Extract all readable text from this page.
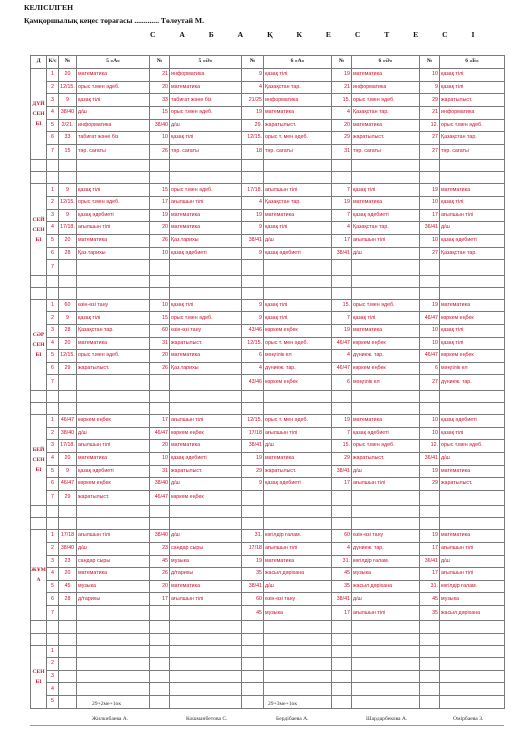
КЕЛІСІЛГЕН
Қамқоршылық кеңес төрағасы ............. Төлеутай М.
С А Б А Қ К Е С Т Е С І
Д	К/с	№	5 «А»	№	5 «Ә»	№	6 «А»	№	6 «Ә»	№	6 «Б»
ДҮЙСЕНБІ	1	20	математика	21	информатика	9	қазақ тілі	19	математика	10	қазақ тілі
	2	12/15.	орыс т.мен әдеб.	20	математика	4	Қазақстан тар.	21	информатика	9	қазақ тілі
	3	9	қазақ тілі	33	табиғат және біз	21/25	информатика	15.	орыс т.мен әдеб.	29	жаратылыст.
	4	38/40	д/ш	15	орыс т.мен әдеб.	19	математика	4	Қазақстан тар.	21	информатика
	5	2/21.	информатика	38/40	д/ш	29.	жаратылыст.	20	математика	12.	орыс т.мен әдеб.
	6	33	табиғат және біз	10	қазақ тілі	12/15.	орыс т. мен әдеб.	29	жаратылыст.	27	Қазақстан тар.
	7	15	тәр. сағаты	26	тәр. сағаты	18	тәр. сағаты	31	тәр. сағаты	27	тәр. сағаты

СЕЙСЕНБІ	1	9	қазақ тілі	15	орыс т.мен әдеб.	17/18.	ағылшын тілі	7	қазақ тілі	19	математика
	2	12/15.	орыс т.мен әдеб.	17	ағылшын тілі	4	Қазақстан тар.	19	математика	10	қазақ тілі
	3	9	қазақ әдебиеті	19	математика	19	математика	7	қазақ әдебиеті	17	ағылшын тілі
	4	17/18.	ағылшын тілі	20	математика	9	қазақ тілі	4	Қазақстан тар.	36/41	д/ш
	5	20	математика	26	Қаз.тарихы	38/41	д/ш	17	ағылшын тілі	10	қазақ әдебиеті
	6	28	Қаз.тарихы	10	қазақ әдебиеті	9	қазақ әдебиеті	38/41	д/ш	27	Қазақстан тар.
	7										

СӘРСЕНБІ	1	60	өзін-өзі тану	10	қазақ тілі	9	қазақ тілі	15.	орыс т.мен әдеб.	19	математика
	2	9	қазақ тілі	15	орыс т.мен әдеб.	9	қазақ тілі	7	қазақ тілі	46/47	көркем еңбек
	3	28	Қазақстан тар.	60	өзін-өзі тану	43/46	көркем еңбек	19	математика	10	қазақ тілі
	4	20	математика	31	жаратылыст.	12/15.	орыс т. мен әдеб.	46/47	көркем еңбек	10	қазақ тілі
	5	12/15.	орыс т.мен әдеб.	20	математика	6	мәңгілік ел	4	дүниеж. тар.	46/47	көркем еңбек
	6	29	жаратылыст.	26	Қаз.тарихы	4	дүниеж. тар.	46/47	көркем еңбек	6	мәңгілік ел
	7					43/46	көркем еңбек	6	мәңгілік ел	27	дүниеж. тар.

БЕЙСЕНБІ	1	46/47	көркем еңбек	17	ағылшын тілі	12/15.	орыс т. мен әдеб.	19	математика	10	қазақ әдебиеті
	2	38/40	д/ш	46/47	көркем еңбек	17/18	ағылшын тілі	7	қазақ әдебиеті	10	қазақ тілі
	3	17/18.	ағылшын тілі	20	математика	38/41	д/ш	15.	орыс т.мен әдеб.	12.	орыс т.мен әдеб.
	4	20	математика	10	қазақ әдебиеті	19	математика	29	жаратылыст.	36/41	д/ш
	5	9	қазақ әдебиеті	31	жаратылыст.	29	жаратылыст.	38/41	д/ш	19	математика
	6	46/47	көркем еңбек	38/40	д/ш	9	қазақ әдебиеті	17	ағылшын тілі	29	жаратылыст.
	7	29	жаратылыст.	46/47	көркем еңбек						

ЖҰМА	1	17/18	ағылшын тілі	38/40	д/ш	31.	көгілдір ғалам.	60	өзін-өзі тану	19	математика
	2	38/40	д/ш	23	сандар сыры	17/18	ағылшын тілі	4	дүниеж. тар.	17	ағылшын тілі
	3	23	сандар сыры	45	музыка	19	математика	31.	көгілдір ғалам.	36/41	д/ш
	4	20	математика	26	д/тарихы	35	жасыл дәрiхана	45	музыка	17	ағылшын тілі
	5	45	музыка	20	математика	38/41	д/ш	35	жасыл дәрiхана	31.	көгілдір ғалам.
	6	28	д/тарихы	17	ағылшын тілі	60	өзін-өзі тану	38/41	д/ш	45	музыка
	7					45	музыка	17	ағылшын тілі	35	жасыл дәрiхана

СЕНБІ	1										
	2										
	3										
	4										
	5											29+2ме+1ок	29+3ме+1ок
Жилкибаева А.	Кошманбетова С.	Бердібаева А.	Шардарбекова А.	Омірбаева З.
